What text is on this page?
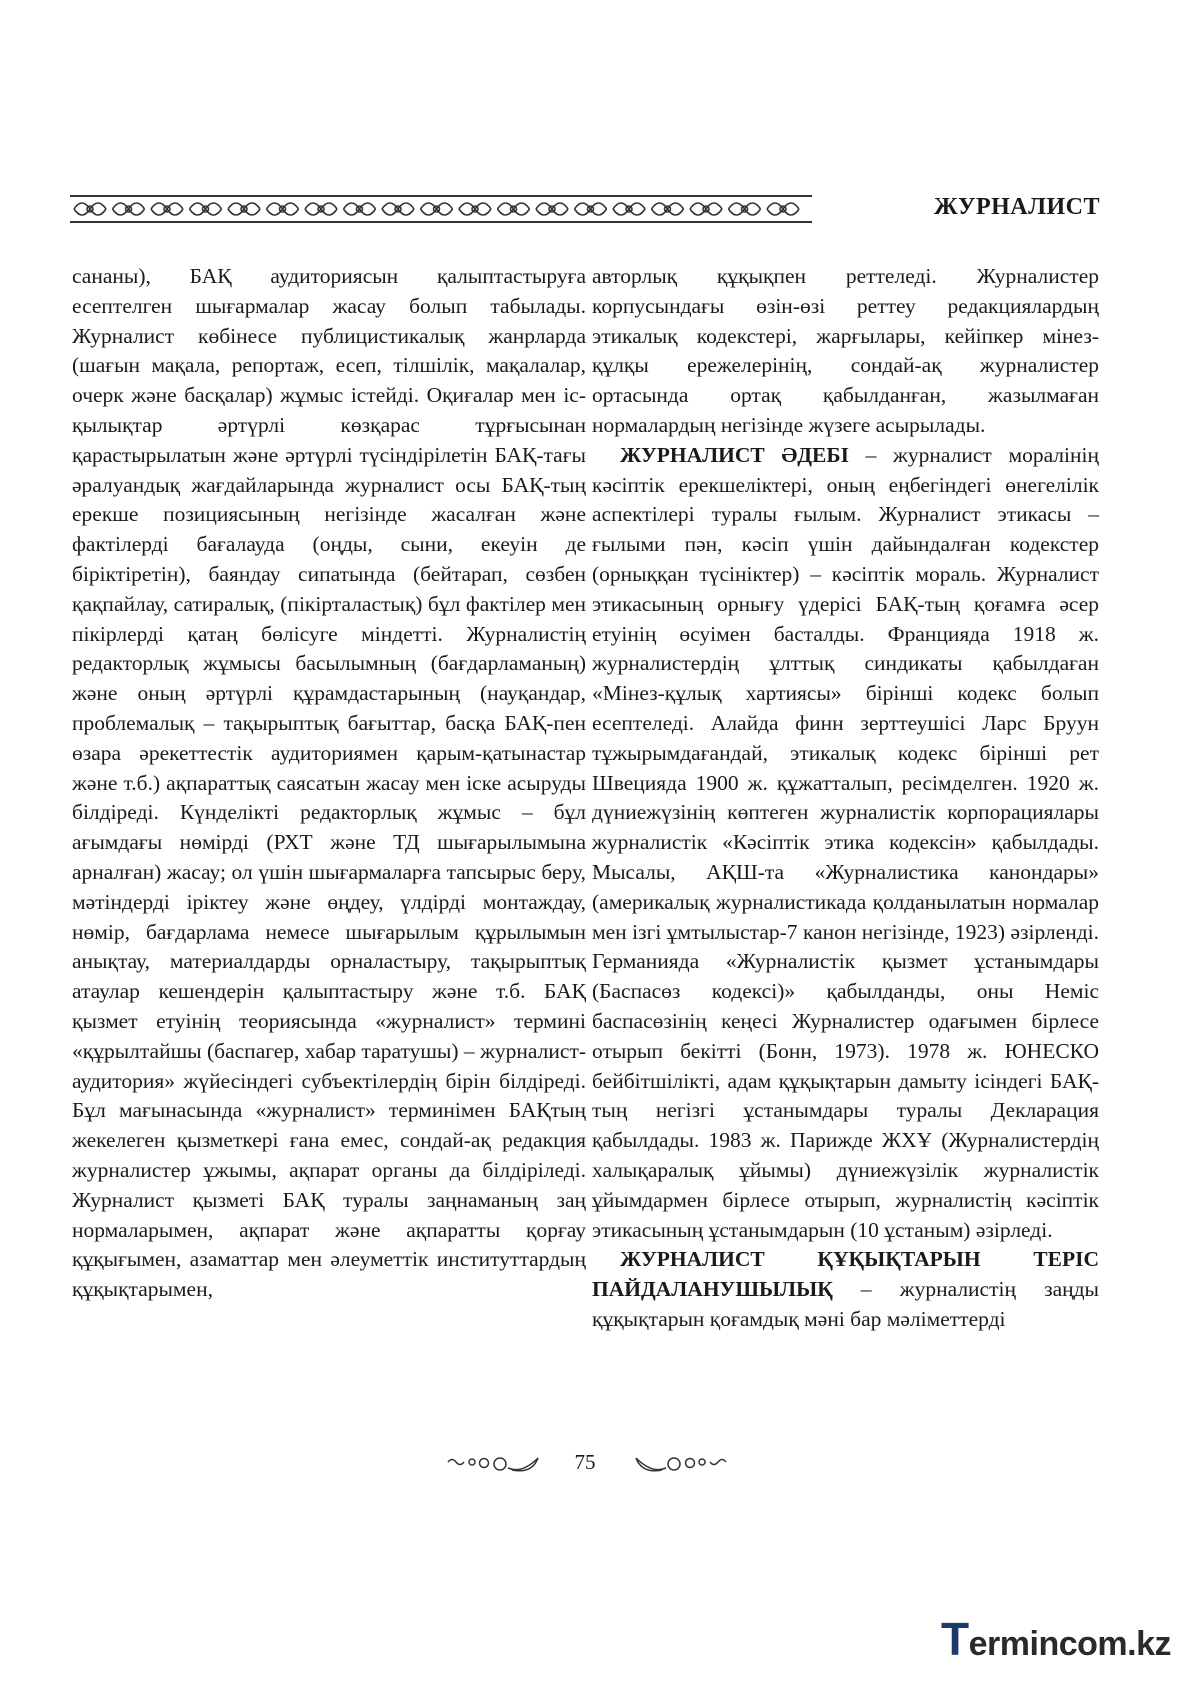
ЖУРНАЛИСТ

сананы), БАҚ аудиториясын қалыптастыруға есептелген шығармалар жасау болып табылады. Журналист көбінесе публицистикалық жанрларда (шағын мақала, репортаж, есеп, тілшілік, мақалалар, очерк және басқалар) жұмыс істейді. Оқиғалар мен іс-қылықтар әртүрлі көзқарас тұрғысынан қарастырылатын және әртүрлі түсіндірілетін БАҚ-тағы әралуандық жағдайларында журналист осы БАҚ-тың ерекше позициясының негізінде жасалған және фактілерді бағалауда (оңды, сыни, екеуін де біріктіретін), баяндау сипатында (бейтарап, сөзбен қақпайлау, сатиралық, (пікірталастық) бұл фактілер мен пікірлерді қатаң бөлісуге міндетті. Журналистің редакторлық жұмысы басылымның (бағдарламаның) және оның әртүрлі құрамдастарының (науқандар, проблемалық – тақырыптық бағыттар, басқа БАҚ-пен өзара әрекеттестік аудиториямен қарым-қатынастар және т.б.) ақпараттық саясатын жасау мен іске асыруды білдіреді. Күнделікті редакторлық жұмыс – бұл ағымдағы нөмірді (РХТ және ТД шығарылымына арналған) жасау; ол үшін шығармаларға тапсырыс беру, мәтіндерді іріктеу және өңдеу, үлдірді монтаждау, нөмір, бағдарлама немесе шығарылым құрылымын анықтау, материалдарды орналастыру, тақырыптық атаулар кешендерін қалыптастыру және т.б. БАҚ қызмет етуінің теориясында «журналист» термині «құрылтайшы (баспагер, хабар таратушы) – журналист-аудитория» жүйесіндегі субъектілердің бірін білдіреді. Бұл мағынасында «журналист» терминімен БАҚтың жекелеген қызметкері ғана емес, сондай-ақ редакция журналистер ұжымы, ақпарат органы да білдіріледі. Журналист қызметі БАҚ туралы заңнаманың заң нормаларымен, ақпарат және ақпаратты қорғау құқығымен, азаматтар мен әлеуметтік институттардың құқықтарымен,

авторлық құқықпен реттеледі. Журналистер корпусындағы өзін-өзі реттеу редакциялардың этикалық кодекстері, жарғылары, кейіпкер мінез-құлқы ережелерінің, сондай-ақ журналистер ортасында ортақ қабылданған, жазылмаған нормалардың негізінде жүзеге асырылады.

ЖУРНАЛИСТ ӘДЕБІ – журналист моралінің кәсіптік ерекшеліктері, оның еңбегіндегі өнегелілік аспектілері туралы ғылым. Журналист этикасы – ғылыми пән, кәсіп үшін дайындалған кодекстер (орныққан түсініктер) – кәсіптік мораль. Журналист этикасының орнығу үдерісі БАҚ-тың қоғамға әсер етуінің өсуімен басталды. Францияда 1918 ж. журналистердің ұлттық синдикаты қабылдаған «Мінез-құлық хартиясы» бірінші кодекс болып есептеледі. Алайда финн зерттеушісі Ларс Бруун тұжырымдағандай, этикалық кодекс бірінші рет Швецияда 1900 ж. құжатталып, ресімделген. 1920 ж. дүниежүзінің көптеген журналистік корпорациялары журналистік «Кәсіптік этика кодексін» қабылдады. Мысалы, АҚШ-та «Журналистика канондары» (америкалық журналистикада қолданылатын нормалар мен ізгі ұмтылыстар-7 канон негізінде, 1923) әзірленді. Германияда «Журналистік қызмет ұстанымдары (Баспасөз кодексі)» қабылданды, оны Неміс баспасөзінің кеңесі Журналистер одағымен бірлесе отырып бекітті (Бонн, 1973). 1978 ж. ЮНЕСКО бейбітшілікті, адам құқықтарын дамыту ісіндегі БАҚ-тың негізгі ұстанымдары туралы Декларация қабылдады. 1983 ж. Парижде ЖХҰ (Журналистердің халықаралық ұйымы) дүниежүзілік журналистік ұйымдармен бірлесе отырып, журналистің кәсіптік этикасының ұстанымдарын (10 ұстаным) әзірледі.

ЖУРНАЛИСТ ҚҰҚЫҚТАРЫН ТЕРІС ПАЙДАЛАНУШЫЛЫҚ – журналистің заңды құқықтарын қоғамдық мәні бар мәліметтерді

75
Termincom.kz
